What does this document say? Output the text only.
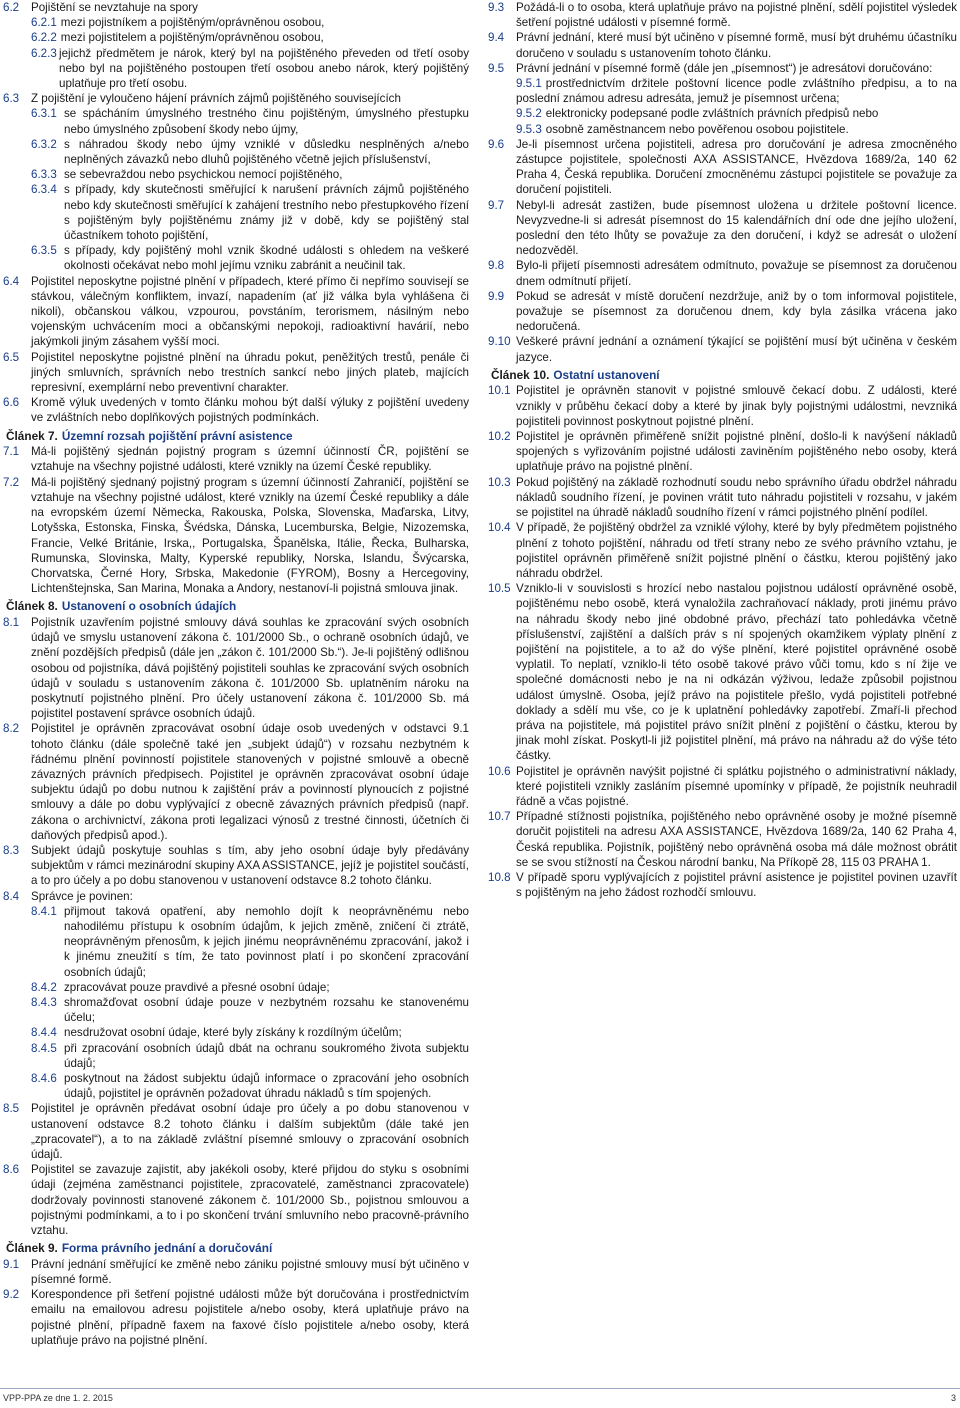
6.2 Pojištění se nevztahuje na spory
6.2.1 mezi pojistníkem a pojištěným/oprávněnou osobou,
6.2.2 mezi pojistitelem a pojištěným/oprávněnou osobou,
6.2.3 jejichž předmětem je nárok, který byl na pojištěného převeden od třetí osoby nebo byl na pojištěného postoupen třetí osobou anebo nárok, který pojištěný uplatňuje pro třetí osobu.
6.3 Z pojištění je vyloučeno hájení právních zájmů pojištěného souvisejících
6.3.1 se spácháním úmyslného trestného činu pojištěným, úmyslného přestupku nebo úmyslného způsobení škody nebo újmy,
6.3.2 s náhradou škody nebo újmy vzniklé v důsledku nesplněných a/nebo neplněných závazků nebo dluhů pojištěného včetně jejich příslušenství,
6.3.3 se sebevraždou nebo psychickou nemocí pojištěného,
6.3.4 s případy, kdy skutečnosti směřující k narušení právních zájmů pojištěného nebo kdy skutečnosti směřující k zahájení trestního nebo přestupkového řízení s pojištěným byly pojištěnému známy již v době, kdy se pojištěný stal účastníkem tohoto pojištění,
6.3.5 s případy, kdy pojištěný mohl vznik škodné události s ohledem na veškeré okolnosti očekávat nebo mohl jejímu vzniku zabránit a neučinil tak.
6.4 Pojistitel neposkytne pojistné plnění v případech, které přímo či nepřímo souvisejí se stávkou, válečným konfliktem, invazí, napadením (ať již válka byla vyhlášena či nikoli), občanskou válkou, vzpourou, povstáním, terorismem, násilným nebo vojenským uchvácením moci a občanskými nepokoji, radioaktivní havárií, nebo jakýmkoli jiným zásahem vyšší moci.
6.5 Pojistitel neposkytne pojistné plnění na úhradu pokut, peněžitých trestů, penále či jiných smluvních, správních nebo trestních sankcí nebo jiných plateb, majících represivní, exemplární nebo preventivní charakter.
6.6 Kromě výluk uvedených v tomto článku mohou být další výluky z pojištění uvedeny ve zvláštních nebo doplňkových pojistných podmínkách.
Článek 7. Územní rozsah pojištění právní asistence
7.1 Má-li pojištěný sjednán pojistný program s územní účinností ČR, pojištění se vztahuje na všechny pojistné události, které vznikly na území České republiky.
7.2 Má-li pojištěný sjednaný pojistný program s územní účinností Zahraničí, pojištění se vztahuje na všechny pojistné událost, které vznikly na území České republiky a dále na evropském území Německa, Rakouska, Polska, Slovenska, Maďarska, Litvy, Lotyšska, Estonska, Finska, Švédska, Dánska, Lucemburska, Belgie, Nizozemska, Francie, Velké Británie, Irska,, Portugalska, Španělska, Itálie, Řecka, Bulharska, Rumunska, Slovinska, Malty, Kyperské republiky, Norska, Islandu, Švýcarska, Chorvatska, Černé Hory, Srbska, Makedonie (FYROM), Bosny a Hercegoviny, Lichtenštejnska, San Marina, Monaka a Andory, nestanoví-li pojistná smlouva jinak.
Článek 8. Ustanovení o osobních údajích
8.1 Pojistník uzavřením pojistné smlouvy dává souhlas ke zpracování svých osobních údajů ve smyslu ustanovení zákona č. 101/2000 Sb., o ochraně osobních údajů, ve znění pozdějších předpisů (dále jen „zákon č. 101/2000 Sb.“). Je-li pojištěný odlišnou osobou od pojistníka, dává pojištěný pojistiteli souhlas ke zpracování svých osobních údajů v souladu s ustanovením zákona č. 101/2000 Sb. uplatněním nároku na poskytnutí pojistného plnění. Pro účely ustanovení zákona č. 101/2000 Sb. má pojistitel postavení správce osobních údajů.
8.2 Pojistitel je oprávněn zpracovávat osobní údaje osob uvedených v odstavci 9.1 tohoto článku (dále společně také jen „subjekt údajů“) v rozsahu nezbytném k řádnému plnění povinností pojistitele stanovených v pojistné smlouvě a obecně závazných právních předpisech. Pojistitel je oprávněn zpracovávat osobní údaje subjektu údajů po dobu nutnou k zajištění práv a povinností plynoucích z pojistné smlouvy a dále po dobu vyplývající z obecně závazných právních předpisů (např. zákona o archivnictví, zákona proti legalizaci výnosů z trestné činnosti, účetních či daňových předpisů apod.).
8.3 Subjekt údajů poskytuje souhlas s tím, aby jeho osobní údaje byly předávány subjektům v rámci mezinárodní skupiny AXA ASSISTANCE, jejíž je pojistitel součástí, a to pro účely a po dobu stanovenou v ustanovení odstavce 8.2 tohoto článku.
8.4 Správce je povinen:
8.4.1 přijmout taková opatření, aby nemohlo dojít k neoprávněnému nebo nahodilému přístupu k osobním údajům, k jejich změně, zničení či ztrátě, neoprávněným přenosům, k jejich jinému neoprávněnému zpracování, jakož i k jinému zneužití s tím, že tato povinnost platí i po skončení zpracování osobních údajů;
8.4.2 zpracovávat pouze pravdivé a přesné osobní údaje;
8.4.3 shromažďovat osobní údaje pouze v nezbytném rozsahu ke stanovenému účelu;
8.4.4 nesdružovat osobní údaje, které byly získány k rozdílným účelům;
8.4.5 při zpracování osobních údajů dbát na ochranu soukromého života subjektu údajů;
8.4.6 poskytnout na žádost subjektu údajů informace o zpracování jeho osobních údajů, pojistitel je oprávněn požadovat úhradu nákladů s tím spojených.
8.5 Pojistitel je oprávněn předávat osobní údaje pro účely a po dobu stanovenou v ustanovení odstavce 8.2 tohoto článku i dalším subjektům (dále také jen „zpracovatel“), a to na základě zvláštní písemné smlouvy o zpracování osobních údajů.
8.6 Pojistitel se zavazuje zajistit, aby jakékoli osoby, které přijdou do styku s osobními údaji (zejména zaměstnanci pojistitele, zpracovatelé, zaměstnanci zpracovatele) dodržovaly povinnosti stanovené zákonem č. 101/2000 Sb., pojistnou smlouvou a pojistnými podmínkami, a to i po skončení trvání smluvního nebo pracovně-právního vztahu.
Článek 9. Forma právního jednání a doručování
9.1 Právní jednání směřující ke změně nebo zániku pojistné smlouvy musí být učiněno v písemné formě.
9.2 Korespondence při šetření pojistné události může být doručována i prostřednictvím emailu na emailovou adresu pojistitele a/nebo osoby, která uplatňuje právo na pojistné plnění, případně faxem na faxové číslo pojistitele a/nebo osoby, která uplatňuje právo na pojistné plnění.
9.3 Požádá-li o to osoba, která uplatňuje právo na pojistné plnění, sdělí pojistitel výsledek šetření pojistné události v písemné formě.
9.4 Právní jednání, které musí být učiněno v písemné formě, musí být druhému účastníku doručeno v souladu s ustanovením tohoto článku.
9.5 Právní jednání v písemné formě (dále jen „písemnost“) je adresátovi doručováno:
9.5.1 prostřednictvím držitele poštovní licence podle zvláštního předpisu, a to na poslední známou adresu adresáta, jemuž je písemnost určena;
9.5.2 elektronicky podepsané podle zvláštních právních předpisů nebo
9.5.3 osobně zaměstnancem nebo pověřenou osobou pojistitele.
9.6 Je-li písemnost určena pojistiteli, adresa pro doručování je adresa zmocněného zástupce pojistitele, společnosti AXA ASSISTANCE, Hvězdova 1689/2a, 140 62 Praha 4, Česká republika. Doručení zmocněnému zástupci pojistitele se považuje za doručení pojistiteli.
9.7 Nebyl-li adresát zastižen, bude písemnost uložena u držitele poštovní licence. Nevyzvedne-li si adresát písemnost do 15 kalendářních dní ode dne jejího uložení, poslední den této lhůty se považuje za den doručení, i když se adresát o uložení nedozvěděl.
9.8 Bylo-li přijetí písemnosti adresátem odmítnuto, považuje se písemnost za doručenou dnem odmítnutí přijetí.
9.9 Pokud se adresát v místě doručení nezdržuje, aniž by o tom informoval pojistitele, považuje se písemnost za doručenou dnem, kdy byla zásilka vrácena jako nedoručená.
9.10 Veškeré právní jednání a oznámení týkající se pojištění musí být učiněna v českém jazyce.
Článek 10. Ostatní ustanovení
10.1 Pojistitel je oprávněn stanovit v pojistné smlouvě čekací dobu. Z události, které vznikly v průběhu čekací doby a které by jinak byly pojistnými událostmi, nevzniká pojistiteli povinnost poskytnout pojistné plnění.
10.2 Pojistitel je oprávněn přiměřeně snížit pojistné plnění, došlo-li k navýšení nákladů spojených s vyřizováním pojistné události zaviněním pojištěného nebo osoby, která uplatňuje právo na pojistné plnění.
10.3 Pokud pojištěný na základě rozhodnutí soudu nebo správního úřadu obdržel náhradu nákladů soudního řízení, je povinen vrátit tuto náhradu pojistiteli v rozsahu, v jakém se pojistitel na úhradě nákladů soudního řízení v rámci pojistného plnění podílel.
10.4 V případě, že pojištěný obdržel za vzniklé výlohy, které by byly předmětem pojistného plnění z tohoto pojištění, náhradu od třetí strany nebo ze svého právního vztahu, je pojistitel oprávněn přiměřeně snížit pojistné plnění o částku, kterou pojištěný jako náhradu obdržel.
10.5 Vzniklo-li v souvislosti s hrozící nebo nastalou pojistnou událostí oprávněné osobě, pojištěnému nebo osobě, která vynaložila zachraňovací náklady, proti jinému právo na náhradu škody nebo jiné obdobné právo, přechází tato pohledávka včetně příslušenství, zajištění a dalších práv s ní spojených okamžikem výplaty plnění z pojištění na pojistitele, a to až do výše plnění, které pojistitel oprávněné osobě vyplatil. To neplatí, vzniklo-li této osobě takové právo vůči tomu, kdo s ní žije ve společné domácnosti nebo je na ni odkázán výživou, ledaže způsobil pojistnou událost úmyslně. Osoba, jejíž právo na pojistitele přešlo, vydá pojistiteli potřebné doklady a sdělí mu vše, co je k uplatnění pohledávky zapotřebí. Zmaří-li přechod práva na pojistitele, má pojistitel právo snížit plnění z pojištění o částku, kterou by jinak mohl získat. Poskytl-li již pojistitel plnění, má právo na náhradu až do výše této částky.
10.6 Pojistitel je oprávněn navýšit pojistné či splátku pojistného o administrativní náklady, které pojistiteli vznikly zasláním písemné upomínky v případě, že pojistník neuhradil řádně a včas pojistné.
10.7 Případné stížnosti pojistníka, pojištěného nebo oprávněné osoby je možné písemně doručit pojistiteli na adresu AXA ASSISTANCE, Hvězdova 1689/2a, 140 62 Praha 4, Česká republika. Pojistník, pojištěný nebo oprávněná osoba má dále možnost obrátit se se svou stížností na Českou národní banku, Na Příkopě 28, 115 03 PRAHA 1.
10.8 V případě sporu vyplývajících z pojistitel právní asistence je pojistitel povinen uzavřít s pojištěným na jeho žádost rozhodčí smlouvu.
VPP-PPA ze dne 1. 2. 2015	3
